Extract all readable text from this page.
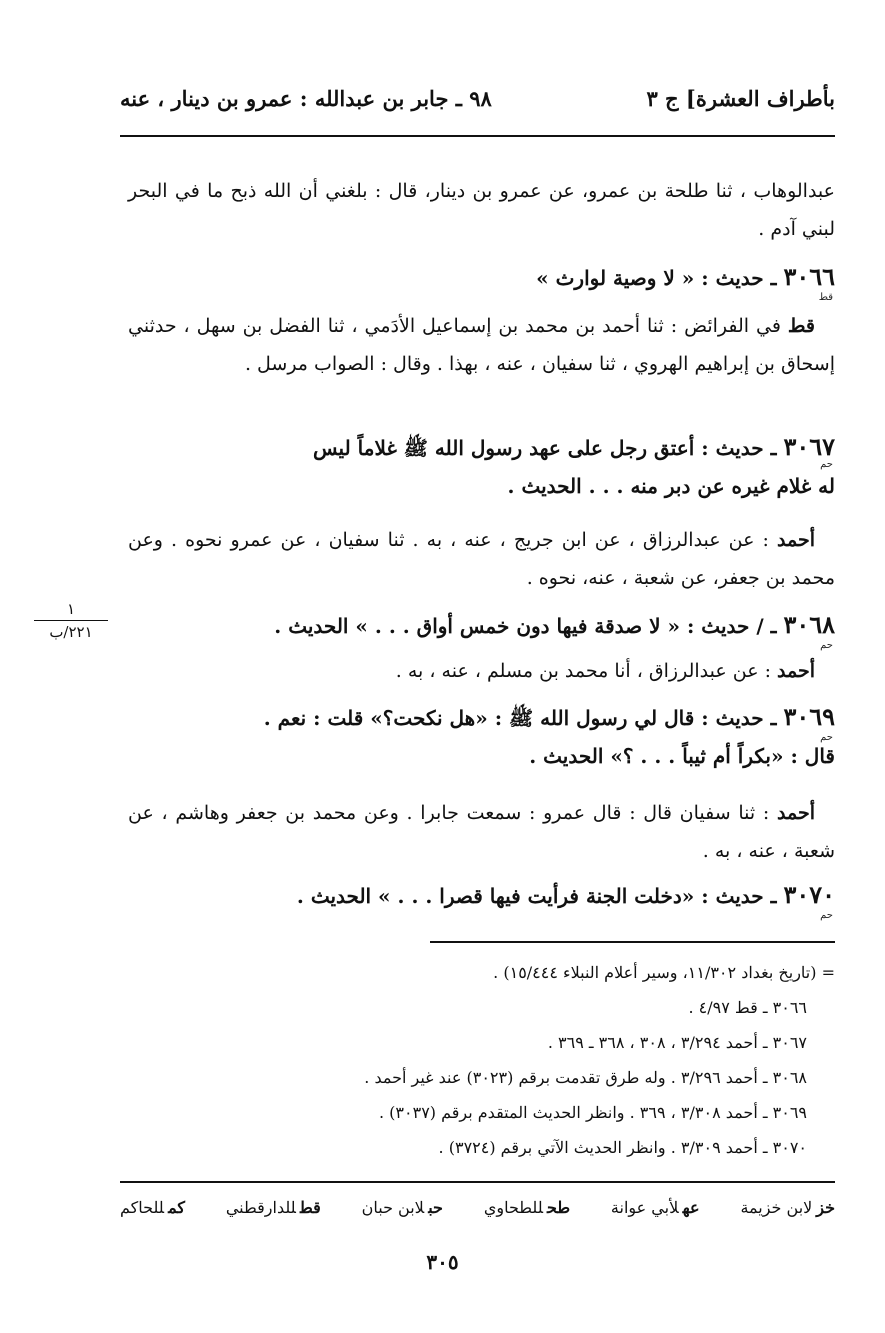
بأطراف العشرة] ج ٣
٩٨ ـ جابر بن عبدالله : عمرو بن دينار ، عنه
عبدالوهاب ، ثنا طلحة بن عمرو، عن عمرو بن دينار، قال : بلغني أن الله ذبح ما في البحر لبني آدم .
٣٠٦٦ ـ حديث : « لا وصية لوارث »
قط
قط في الفرائض : ثنا أحمد بن محمد بن إسماعيل الأدَمي ، ثنا الفضل بن سهل ، حدثني إسحاق بن إبراهيم الهروي ، ثنا سفيان ، عنه ، بهذا . وقال : الصواب مرسل .
٣٠٦٧ ـ حديث : أعتق رجل على عهد رسول الله ﷺ غلاماً ليس
له غلام غيره عن دبر منه . . . الحديث .
حم
أحمد : عن عبدالرزاق ، عن ابن جريج ، عنه ، به . ثنا سفيان ، عن عمرو نحوه . وعن محمد بن جعفر، عن شعبة ، عنه، نحوه .
٣٠٦٨ ـ / حديث : « لا صدقة فيها دون خمس أواق . . . » الحديث .
حم
أحمد : عن عبدالرزاق ، أنا محمد بن مسلم ، عنه ، به .
٣٠٦٩ ـ حديث : قال لي رسول الله ﷺ : «هل نكحت؟» قلت : نعم .
قال : «بكراً أم ثيباً . . . ؟» الحديث .
حم
أحمد : ثنا سفيان قال : قال عمرو : سمعت جابرا . وعن محمد بن جعفر وهاشم ، عن شعبة ، عنه ، به .
٣٠٧٠ ـ حديث : «دخلت الجنة فرأيت فيها قصرا . . . » الحديث .
حم
١
٢٢١/ب
= (تاريخ بغداد ١١/٣٠٢، وسير أعلام النبلاء ١٥/٤٤٤) .
٣٠٦٦ ـ قط ٤/٩٧ .
٣٠٦٧ ـ أحمد ٣/٢٩٤ ، ٣٠٨ ، ٣٦٨ ـ ٣٦٩ .
٣٠٦٨ ـ أحمد ٣/٢٩٦ . وله طرق تقدمت برقم (٣٠٢٣) عند غير أحمد .
٣٠٦٩ ـ أحمد ٣/٣٠٨ ، ٣٦٩ . وانظر الحديث المتقدم برقم (٣٠٣٧) .
٣٠٧٠ ـ أحمد ٣/٣٠٩ . وانظر الحديث الآتي برقم (٣٧٢٤) .
خزلابن خزيمة
عهلأبي عوانة
طحللطحاوي
حبلابن حبان
قطللدارقطني
كمللحاكم
٣٠٥
